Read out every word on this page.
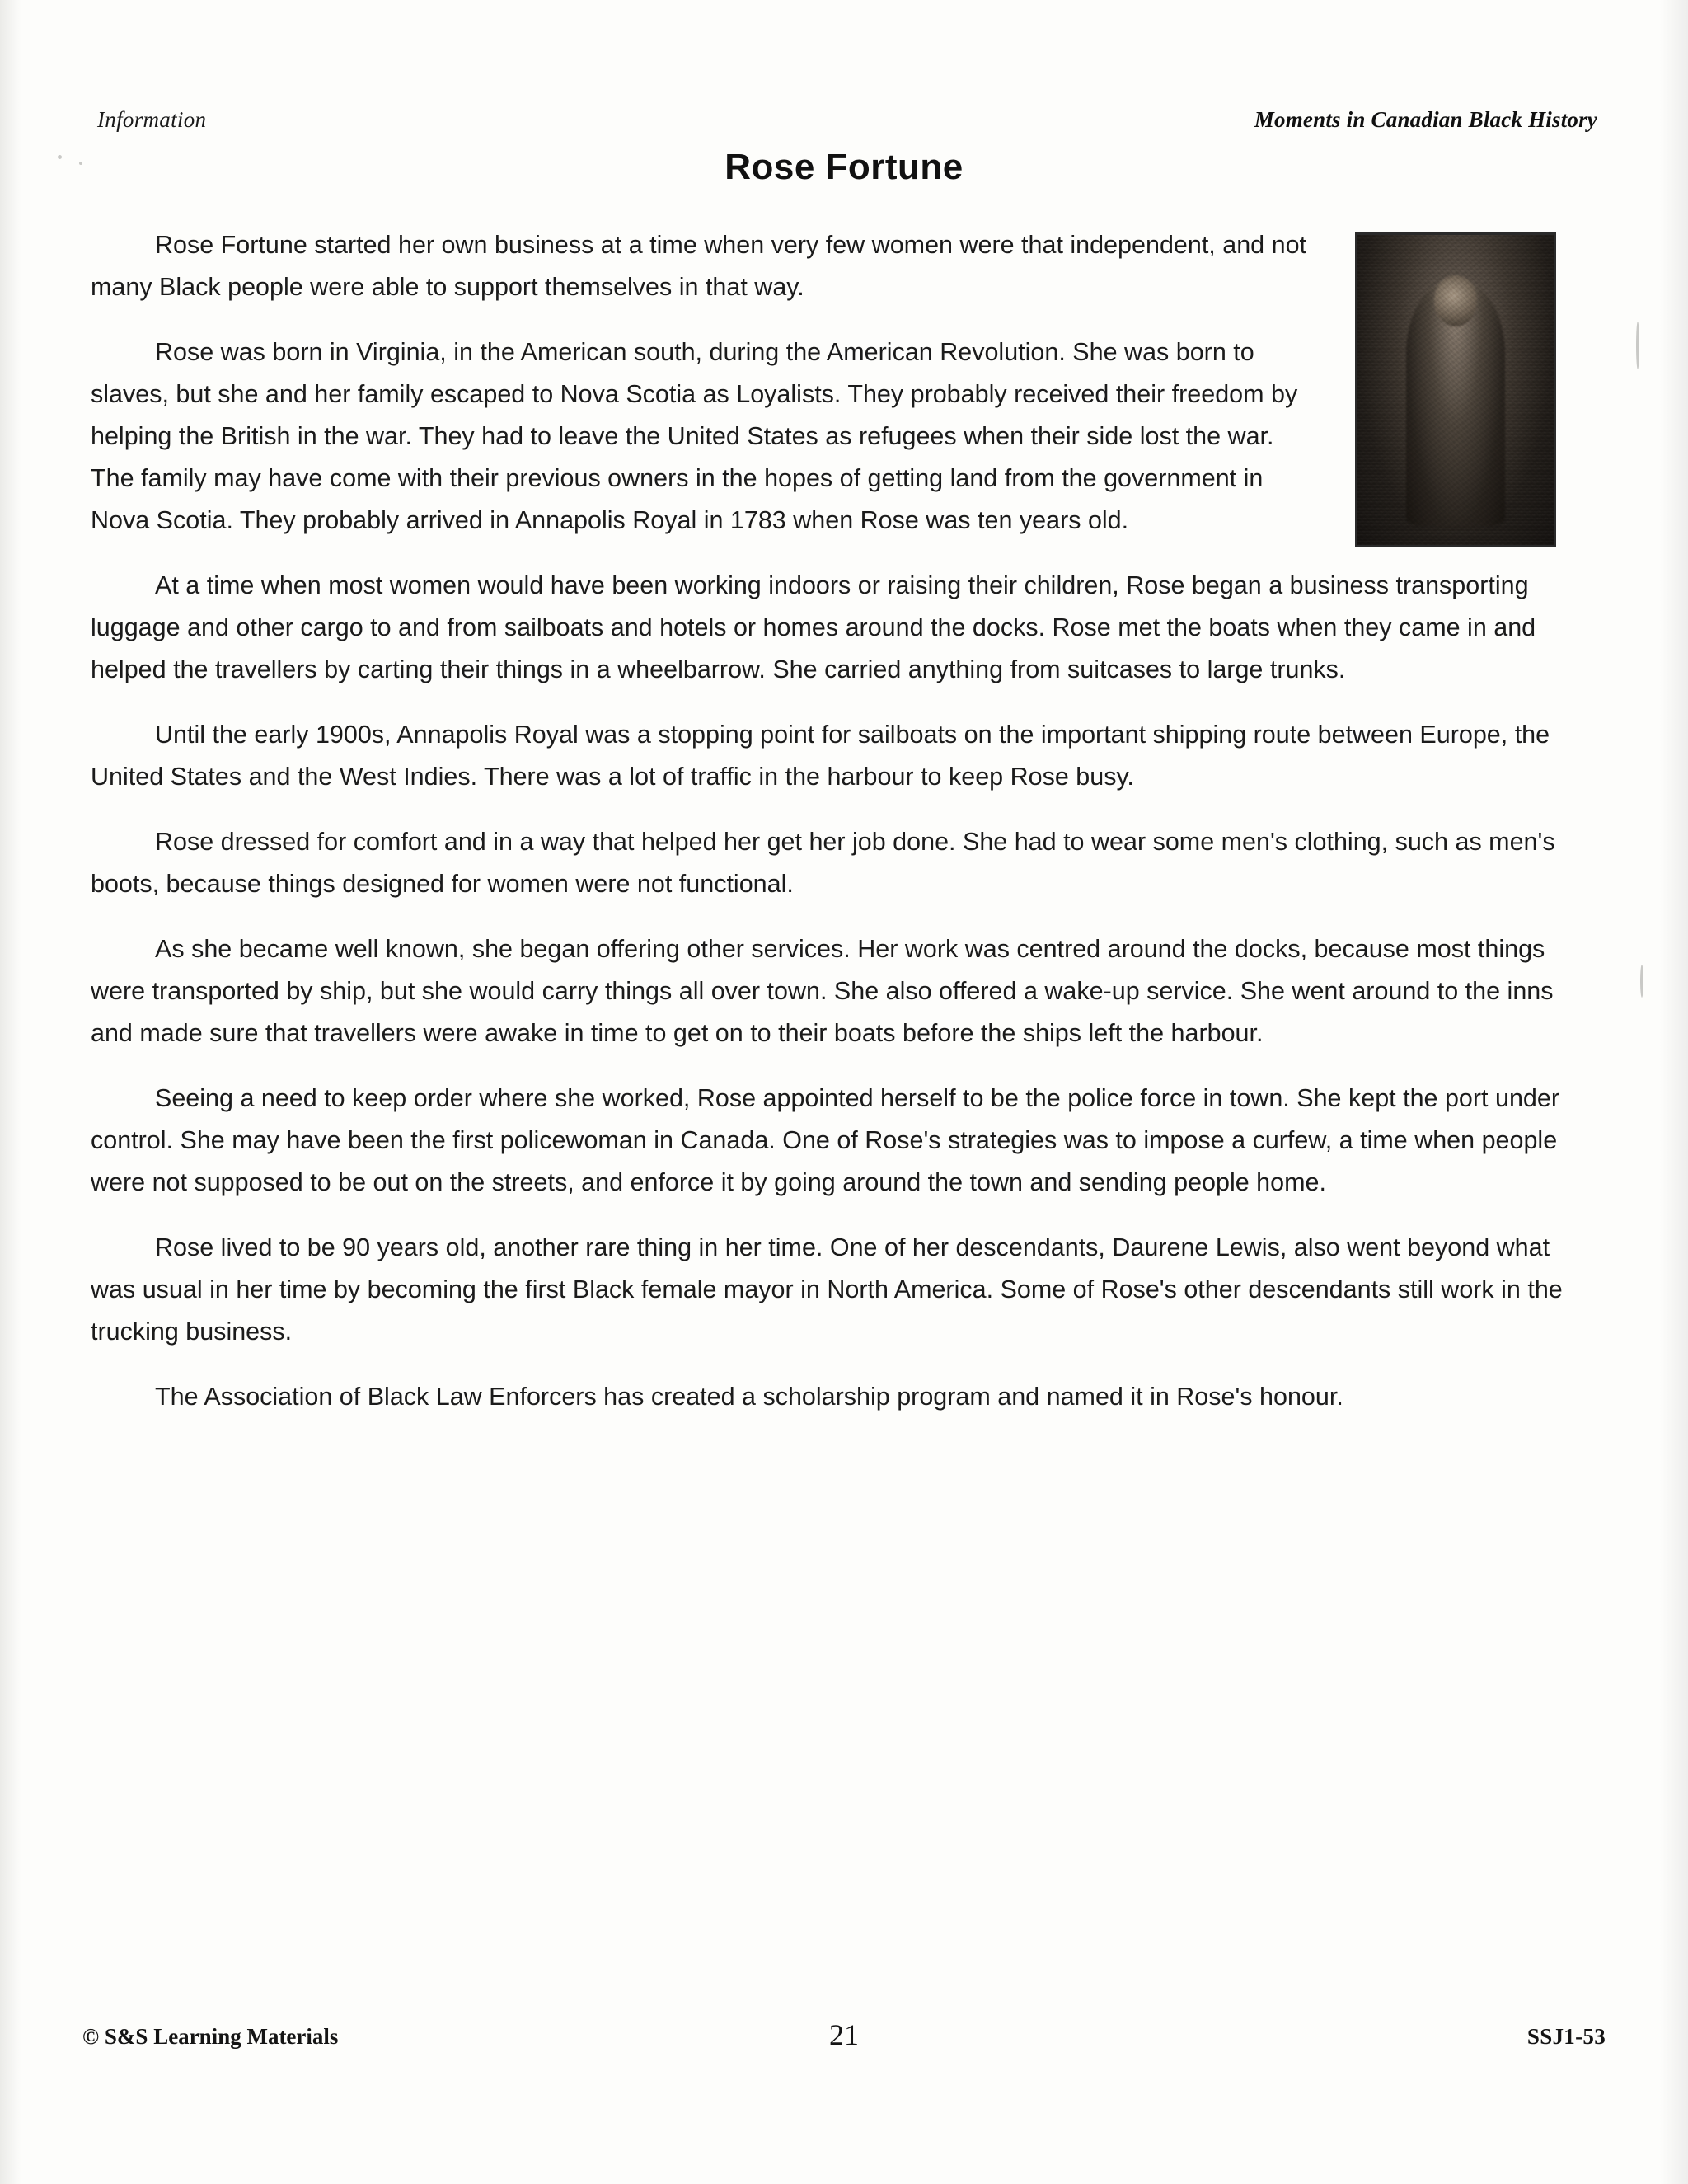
Information	Moments in Canadian Black History
Rose Fortune

Rose Fortune started her own business at a time when very few women were that independent, and not many Black people were able to support themselves in that way.

Rose was born in Virginia, in the American south, during the American Revolution. She was born to slaves, but she and her family escaped to Nova Scotia as Loyalists. They probably received their freedom by helping the British in the war. They had to leave the United States as refugees when their side lost the war. The family may have come with their previous owners in the hopes of getting land from the government in Nova Scotia. They probably arrived in Annapolis Royal in 1783 when Rose was ten years old.

At a time when most women would have been working indoors or raising their children, Rose began a business transporting luggage and other cargo to and from sailboats and hotels or homes around the docks. Rose met the boats when they came in and helped the travellers by carting their things in a wheelbarrow. She carried anything from suitcases to large trunks.

Until the early 1900s, Annapolis Royal was a stopping point for sailboats on the important shipping route between Europe, the United States and the West Indies. There was a lot of traffic in the harbour to keep Rose busy.

Rose dressed for comfort and in a way that helped her get her job done. She had to wear some men's clothing, such as men's boots, because things designed for women were not functional.

As she became well known, she began offering other services. Her work was centred around the docks, because most things were transported by ship, but she would carry things all over town. She also offered a wake-up service. She went around to the inns and made sure that travellers were awake in time to get on to their boats before the ships left the harbour.

Seeing a need to keep order where she worked, Rose appointed herself to be the police force in town. She kept the port under control. She may have been the first policewoman in Canada. One of Rose's strategies was to impose a curfew, a time when people were not supposed to be out on the streets, and enforce it by going around the town and sending people home.

Rose lived to be 90 years old, another rare thing in her time. One of her descendants, Daurene Lewis, also went beyond what was usual in her time by becoming the first Black female mayor in North America. Some of Rose's other descendants still work in the trucking business.

The Association of Black Law Enforcers has created a scholarship program and named it in Rose's honour.

© S&S Learning Materials	21	SSJ1-53
